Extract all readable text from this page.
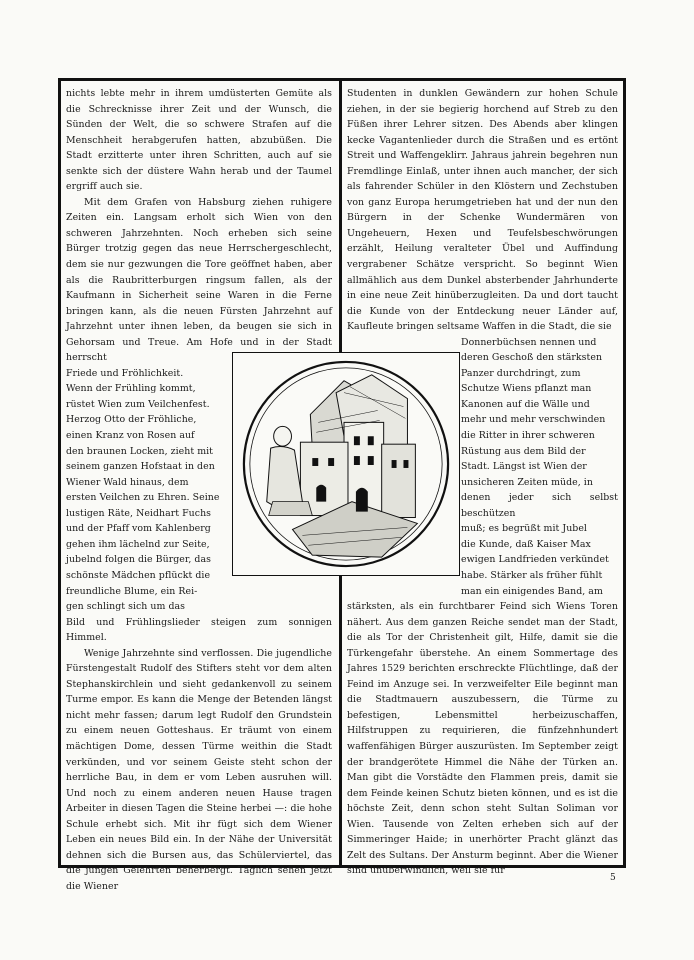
nichts lebte mehr in ihrem umdüsterten Gemüte als die Schrecknisse ihrer Zeit und der Wunsch, die Sünden der Welt, die so schwere Strafen auf die Menschheit herabgerufen hatten, abzubüßen. Die Stadt erzitterte unter ihren Schritten, auch auf sie senkte sich der düstere Wahn herab und der Taumel ergriff auch sie.

Mit dem Grafen von Habsburg ziehen ruhigere Zeiten ein. Langsam erholt sich Wien von den schweren Jahrzehnten. Noch erheben sich seine Bürger trotzig gegen das neue Herrschergeschlecht, dem sie nur gezwungen die Tore geöffnet haben, aber als die Raubritterburgen ringsum fallen, als der Kaufmann in Sicherheit seine Waren in die Ferne bringen kann, als die neuen Fürsten Jahrzehnt auf Jahrzehnt unter ihnen leben, da beugen sie sich in Gehorsam und Treue. Am Hofe und in der Stadt herrscht

Friede und Fröhlichkeit.
Wenn der Frühling kommt,
rüstet Wien zum Veilchenfest.
Herzog Otto der Fröhliche,
einen Kranz von Rosen auf
den braunen Locken, zieht mit
seinem ganzen Hofstaat in den
Wiener Wald hinaus, dem
ersten Veilchen zu Ehren. Seine
lustigen Räte, Neidhart Fuchs
und der Pfaff vom Kahlenberg
gehen ihm lächelnd zur Seite,
jubelnd folgen die Bürger, das
schönste Mädchen pflückt die
freundliche Blume, ein Rei-
gen schlingt sich um das

Bild und Frühlingslieder steigen zum sonnigen Himmel.

Wenige Jahrzehnte sind verflossen. Die jugendliche Fürstengestalt Rudolf des Stifters steht vor dem alten Stephanskirchlein und sieht gedankenvoll zu seinem Turme empor. Es kann die Menge der Betenden längst nicht mehr fassen; darum legt Rudolf den Grundstein zu einem neuen Gotteshaus. Er träumt von einem mächtigen Dome, dessen Türme weithin die Stadt verkünden, und vor seinem Geiste steht schon der herrliche Bau, in dem er vom Leben ausruhen will. Und noch zu einem anderen neuen Hause tragen Arbeiter in diesen Tagen die Steine herbei —: die hohe Schule erhebt sich. Mit ihr fügt sich dem Wiener Leben ein neues Bild ein. In der Nähe der Universität dehnen sich die Bursen aus, das Schülerviertel, das die jungen Gelehrten beherbergt. Täglich sehen jetzt die Wiener

Studenten in dunklen Gewändern zur hohen Schule ziehen, in der sie begierig horchend auf Streb zu den Füßen ihrer Lehrer sitzen. Des Abends aber klingen kecke Vagantenlieder durch die Straßen und es ertönt Streit und Waffengeklirr. Jahraus jahrein begehren nun Fremdlinge Einlaß, unter ihnen auch mancher, der sich als fahrender Schüler in den Klöstern und Zechstuben von ganz Europa herumgetrieben hat und der nun den Bürgern in der Schenke Wundermären von Ungeheuern, Hexen und Teufelsbeschwörungen erzählt, Heilung veralteter Übel und Auffindung vergrabener Schätze verspricht. So beginnt Wien allmählich aus dem Dunkel absterbender Jahrhunderte in eine neue Zeit hinüberzugleiten. Da und dort taucht die Kunde von der Entdeckung neuer Länder auf, Kaufleute bringen seltsame Waffen in die Stadt, die sie

Donnerbüchsen nennen und
deren Geschoß den stärksten
Panzer durchdringt, zum
Schutze Wiens pflanzt man
Kanonen auf die Wälle und
mehr und mehr verschwinden
die Ritter in ihrer schweren
Rüstung aus dem Bild der
Stadt. Längst ist Wien der
unsicheren Zeiten müde, in
denen jeder sich selbst beschützen
muß; es begrüßt mit Jubel
die Kunde, daß Kaiser Max
ewigen Landfrieden verkündet
habe. Stärker als früher fühlt
man ein einigendes Band, am

stärksten, als ein furchtbarer Feind sich Wiens Toren nähert. Aus dem ganzen Reiche sendet man der Stadt, die als Tor der Christenheit gilt, Hilfe, damit sie die Türkengefahr überstehe. An einem Sommertage des Jahres 1529 berichten erschreckte Flüchtlinge, daß der Feind im Anzuge sei. In verzweifelter Eile beginnt man die Stadtmauern auszubessern, die Türme zu befestigen, Lebensmittel herbeizuschaffen, Hilfstruppen zu requirieren, die fünfzehnhundert waffenfähigen Bürger auszurüsten. Im September zeigt der brandgerötete Himmel die Nähe der Türken an. Man gibt die Vorstädte den Flammen preis, damit sie dem Feinde keinen Schutz bieten können, und es ist die höchste Zeit, denn schon steht Sultan Soliman vor Wien. Tausende von Zelten erheben sich auf der Simmeringer Haide; in unerhörter Pracht glänzt das Zelt des Sultans. Der Ansturm beginnt. Aber die Wiener sind unüberwindlich, weil sie für

5
